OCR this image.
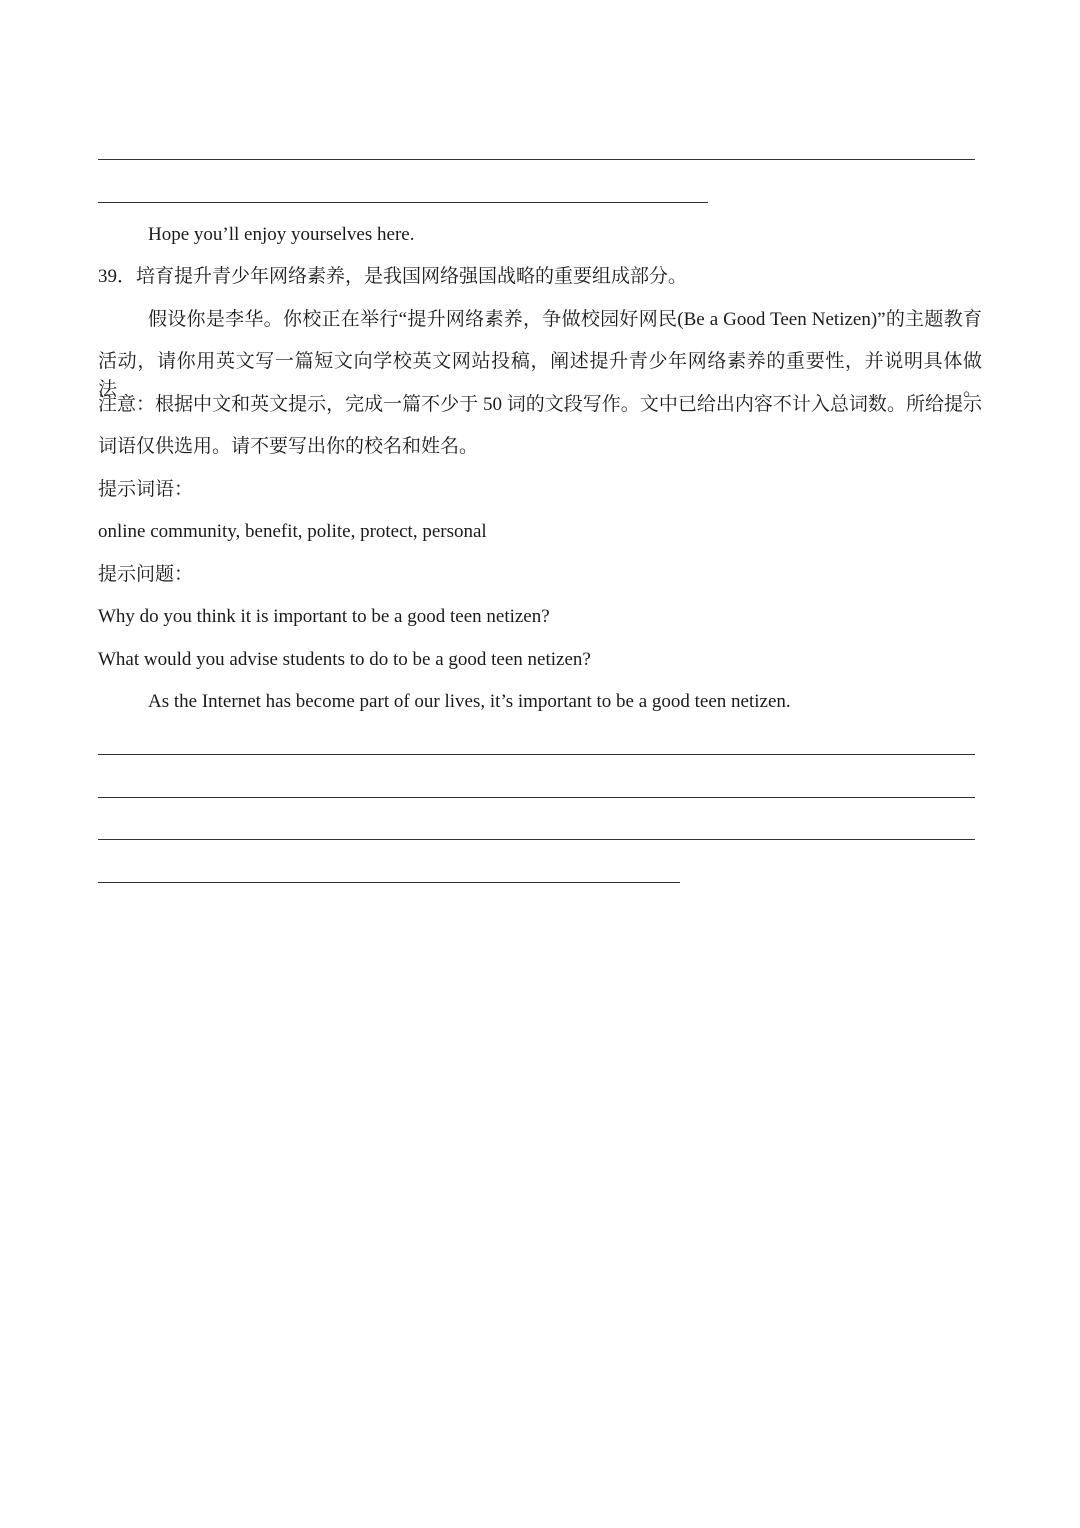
Hope you’ll enjoy yourselves here.
39．培育提升青少年网络素养，是我国网络强国战略的重要组成部分。
假设你是李华。你校正在举行“提升网络素养，争做校园好网民(Be a Good Teen Netizen)”的主题教育
活动，请你用英文写一篇短文向学校英文网站投稿，阐述提升青少年网络素养的重要性，并说明具体做法。
注意：根据中文和英文提示，完成一篇不少于 50 词的文段写作。文中已给出内容不计入总词数。所给提示
词语仅供选用。请不要写出你的校名和姓名。
提示词语：
online community, benefit, polite, protect, personal
提示问题：
Why do you think it is important to be a good teen netizen?
What would you advise students to do to be a good teen netizen?
As the Internet has become part of our lives, it’s important to be a good teen netizen.
